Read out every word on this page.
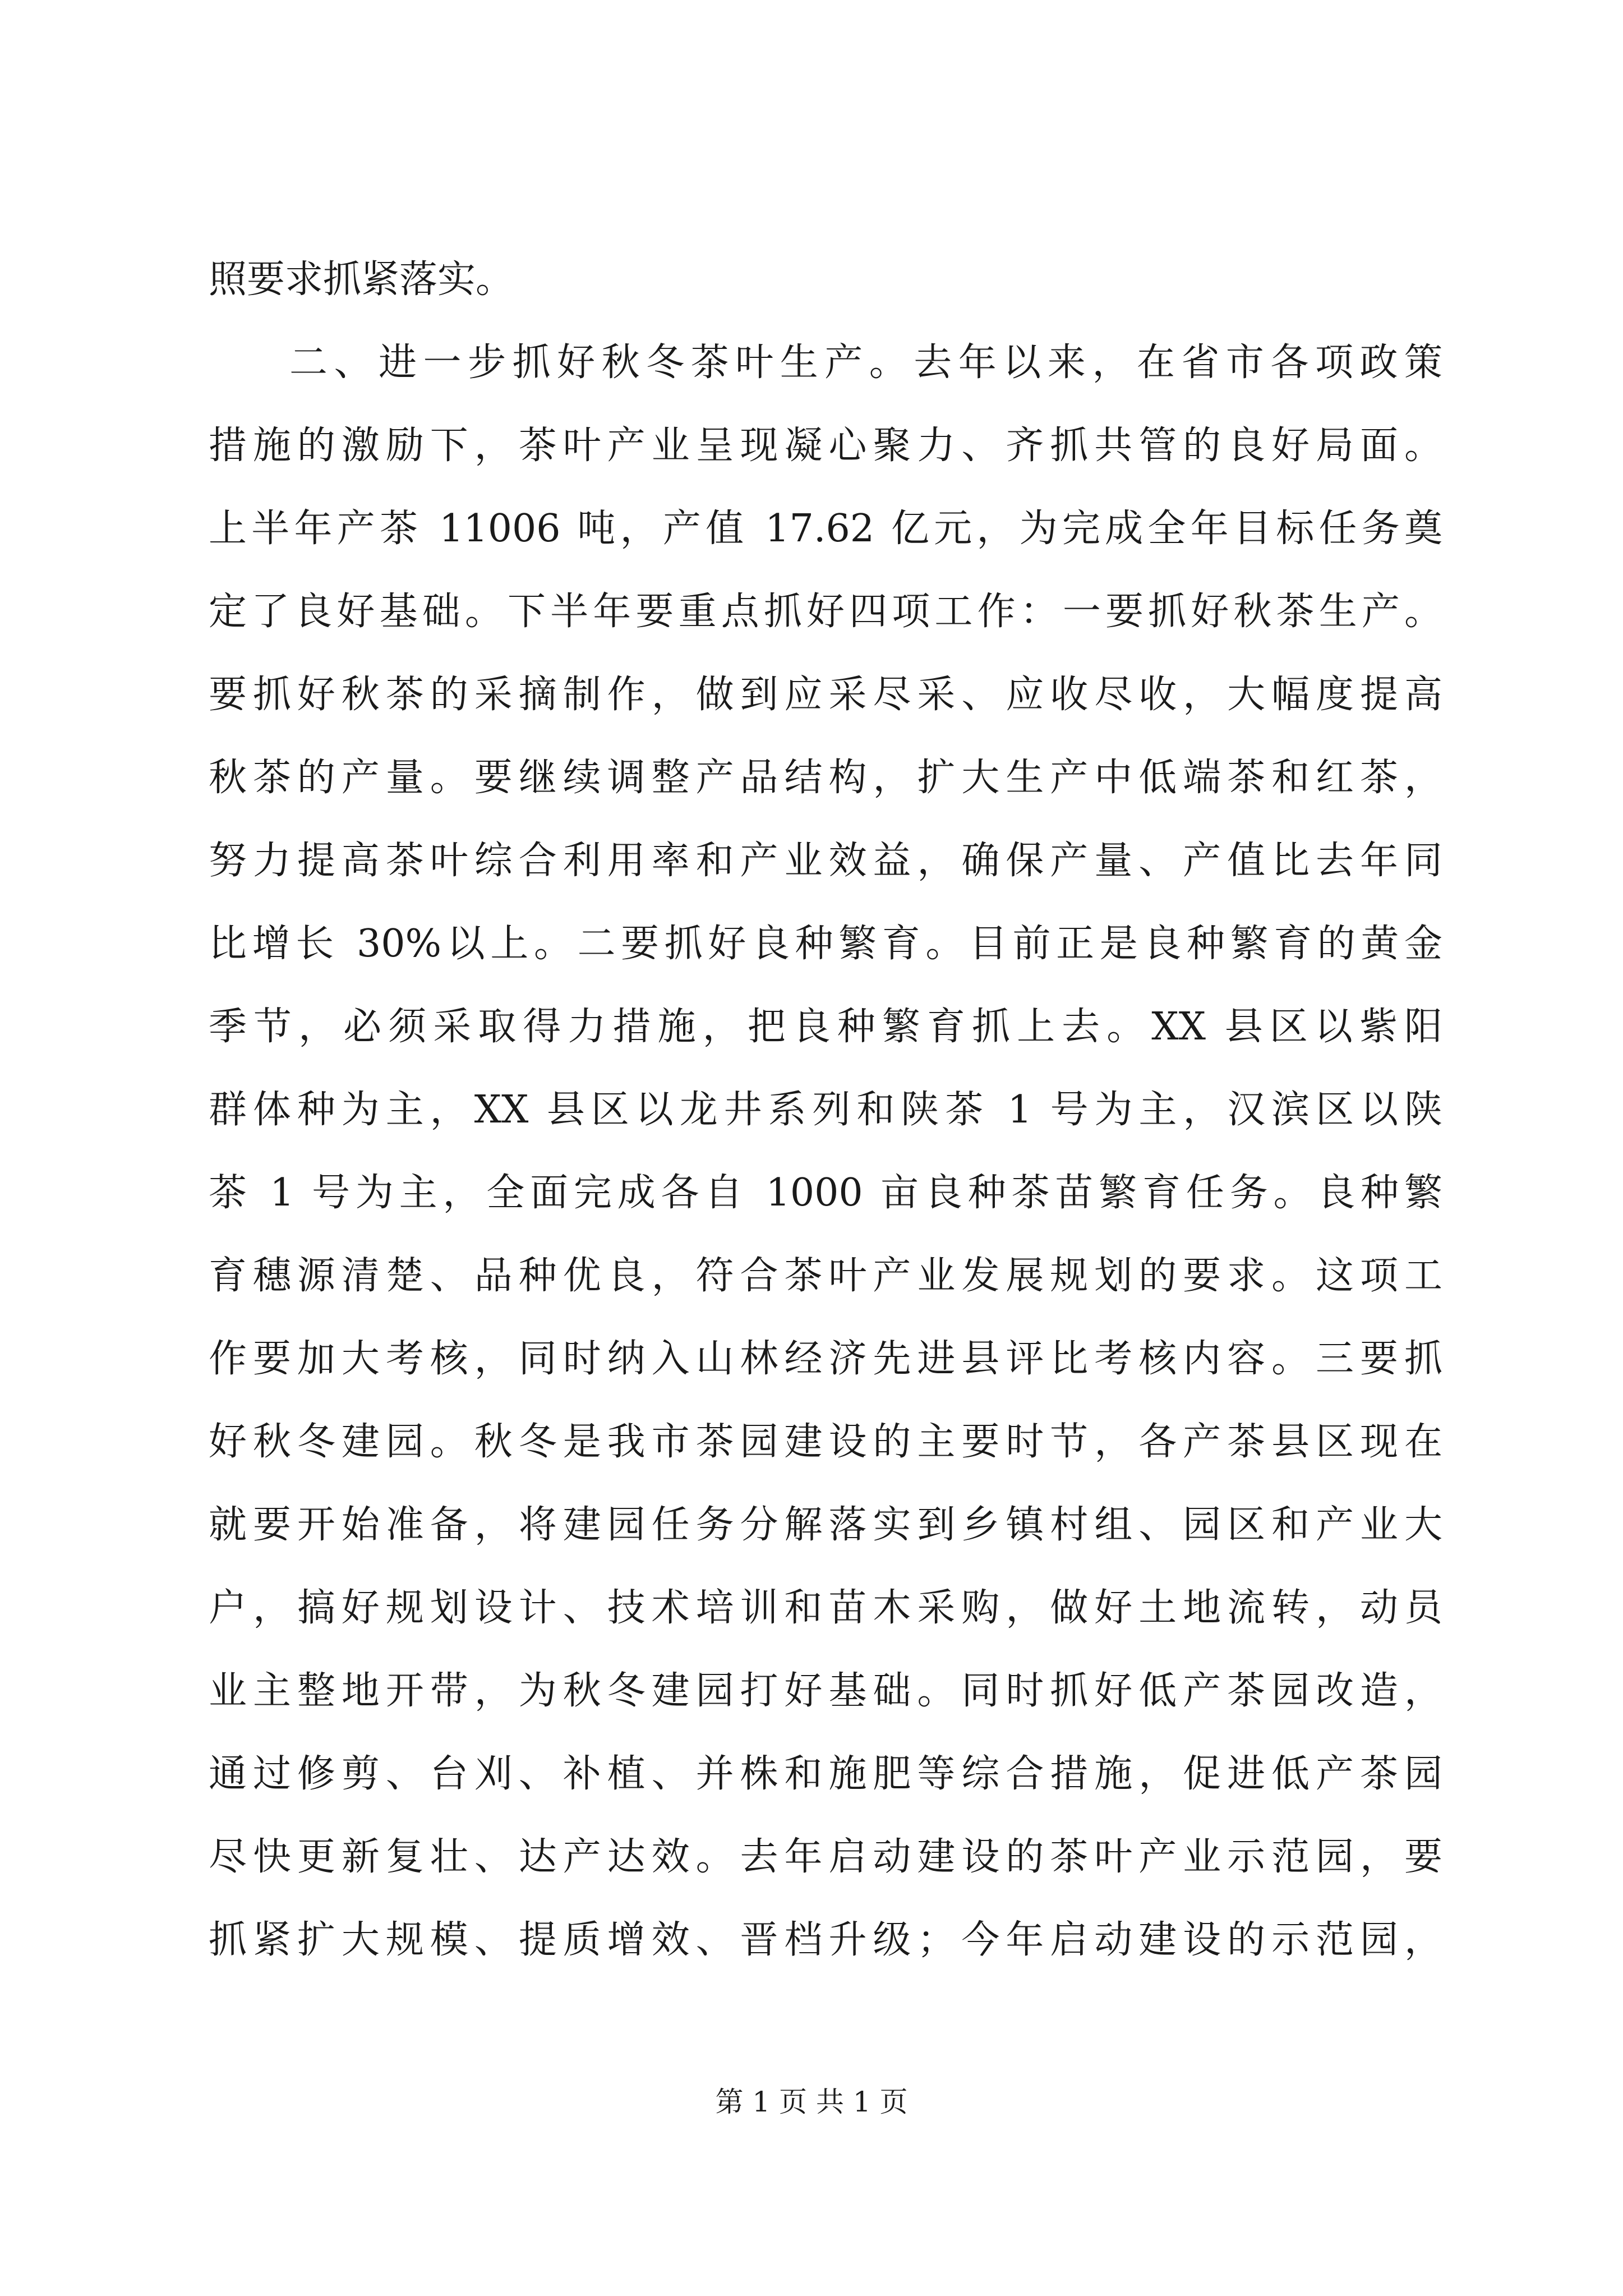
照要求抓紧落实。
二、进一步抓好秋冬茶叶生产。去年以来，在省市各项政策
措施的激励下，茶叶产业呈现凝心聚力、齐抓共管的良好局面。
上半年产茶 11006 吨，产值 17.62 亿元，为完成全年目标任务奠
定了良好基础。下半年要重点抓好四项工作：一要抓好秋茶生产。
要抓好秋茶的采摘制作，做到应采尽采、应收尽收，大幅度提高
秋茶的产量。要继续调整产品结构，扩大生产中低端茶和红茶，
努力提高茶叶综合利用率和产业效益，确保产量、产值比去年同
比增长 30%以上。二要抓好良种繁育。目前正是良种繁育的黄金
季节，必须采取得力措施，把良种繁育抓上去。XX 县区以紫阳
群体种为主，XX 县区以龙井系列和陕茶 1 号为主，汉滨区以陕
茶 1 号为主，全面完成各自 1000 亩良种茶苗繁育任务。良种繁
育穗源清楚、品种优良，符合茶叶产业发展规划的要求。这项工
作要加大考核，同时纳入山林经济先进县评比考核内容。三要抓
好秋冬建园。秋冬是我市茶园建设的主要时节，各产茶县区现在
就要开始准备，将建园任务分解落实到乡镇村组、园区和产业大
户，搞好规划设计、技术培训和苗木采购，做好土地流转，动员
业主整地开带，为秋冬建园打好基础。同时抓好低产茶园改造，
通过修剪、台刈、补植、并株和施肥等综合措施，促进低产茶园
尽快更新复壮、达产达效。去年启动建设的茶叶产业示范园，要
抓紧扩大规模、提质增效、晋档升级；今年启动建设的示范园，
第 1 页 共 1 页
